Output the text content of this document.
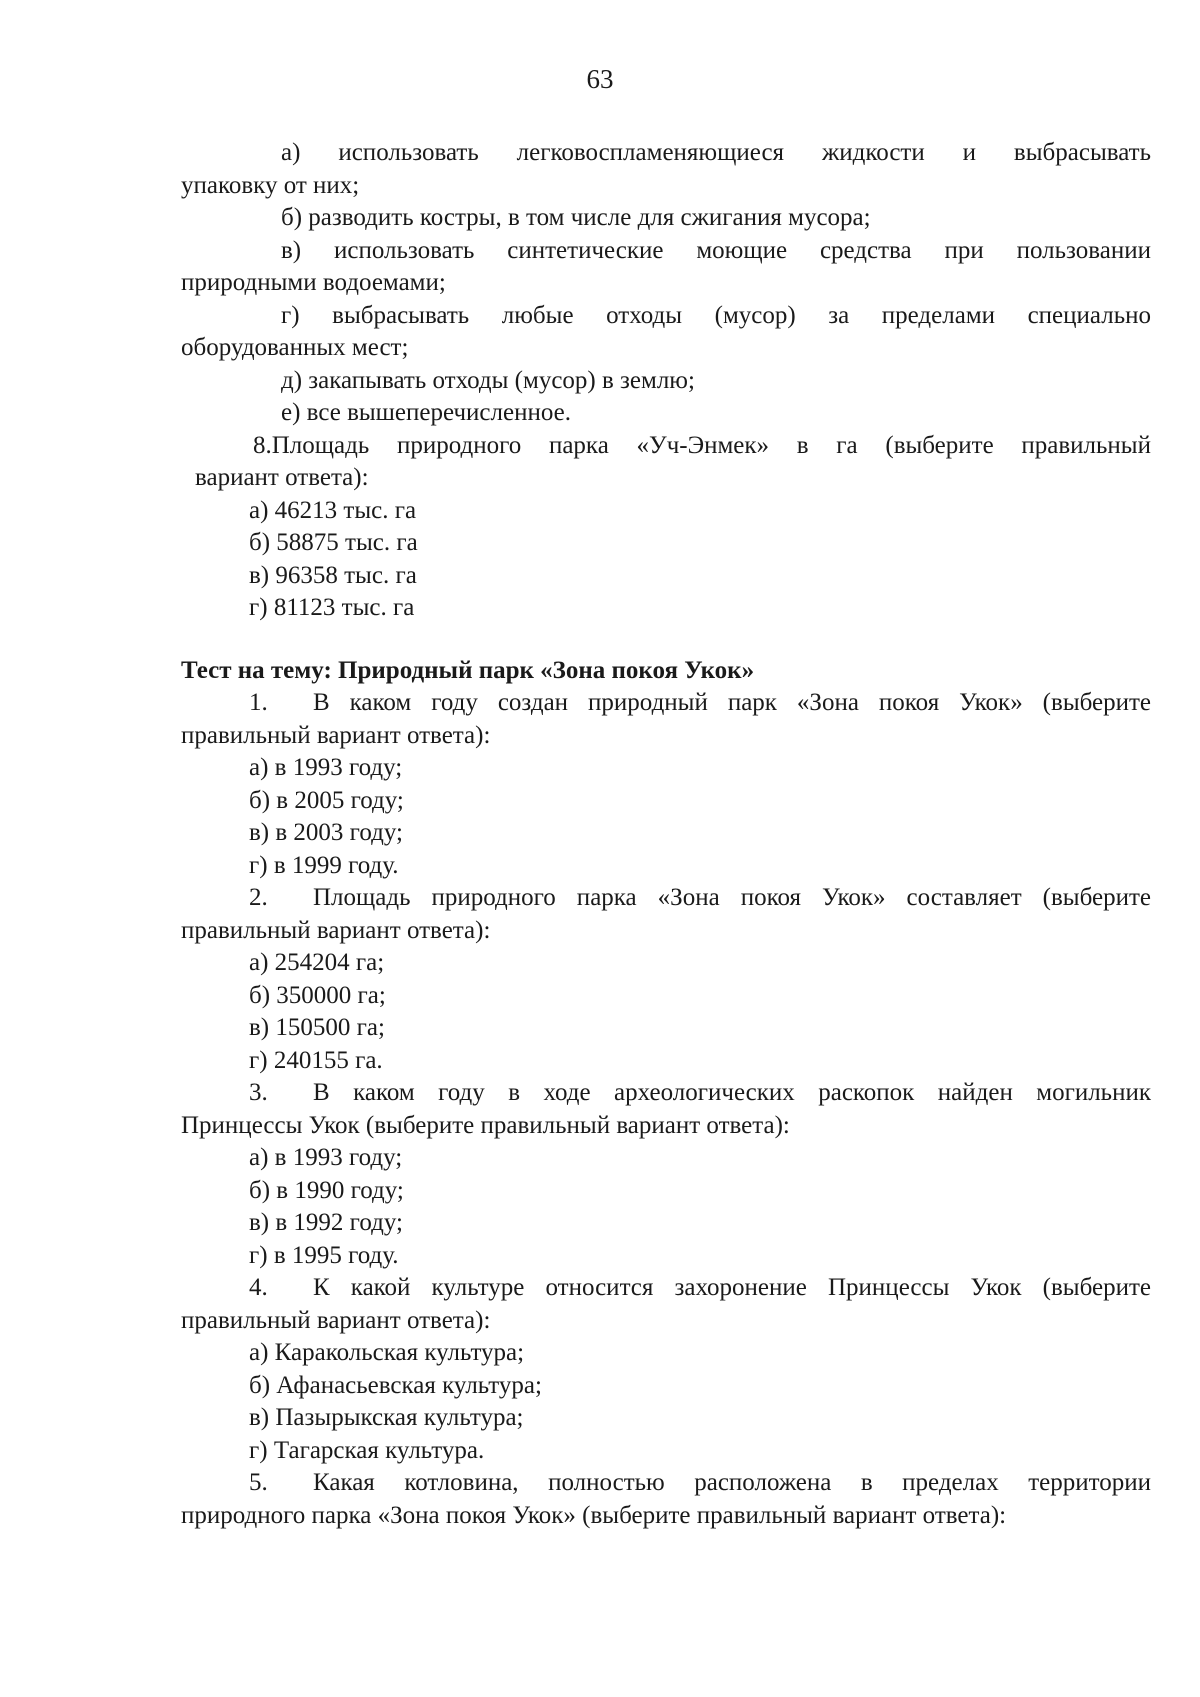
63
а) использовать легковоспламеняющиеся жидкости и выбрасывать
упаковку от них;
б) разводить костры, в том числе для сжигания мусора;
в) использовать синтетические моющие средства при пользовании
природными водоемами;
г) выбрасывать любые отходы (мусор) за пределами специально
оборудованных мест;
д) закапывать отходы (мусор) в землю;
е) все вышеперечисленное.
8.Площадь природного парка «Уч-Энмек» в га (выберите правильный
вариант ответа):
а) 46213 тыс. га
б) 58875 тыс. га
в) 96358 тыс. га
г) 81123 тыс. га
Тест на тему: Природный парк «Зона покоя Укок»
1. В каком году создан природный парк «Зона покоя Укок» (выберите
правильный вариант ответа):
а) в 1993 году;
б) в 2005 году;
в) в 2003 году;
г) в 1999 году.
2. Площадь природного парка «Зона покоя Укок» составляет (выберите
правильный вариант ответа):
а) 254204 га;
б) 350000 га;
в) 150500 га;
г) 240155 га.
3. В каком году в ходе археологических раскопок найден могильник
Принцессы Укок (выберите правильный вариант ответа):
а) в 1993 году;
б) в 1990 году;
в) в 1992 году;
г) в 1995 году.
4. К какой культуре относится захоронение Принцессы Укок (выберите
правильный вариант ответа):
а) Каракольская культура;
б) Афанасьевская культура;
в) Пазырыкская культура;
г) Тагарская культура.
5. Какая котловина, полностью расположена в пределах территории
природного парка «Зона покоя Укок» (выберите правильный вариант ответа):
